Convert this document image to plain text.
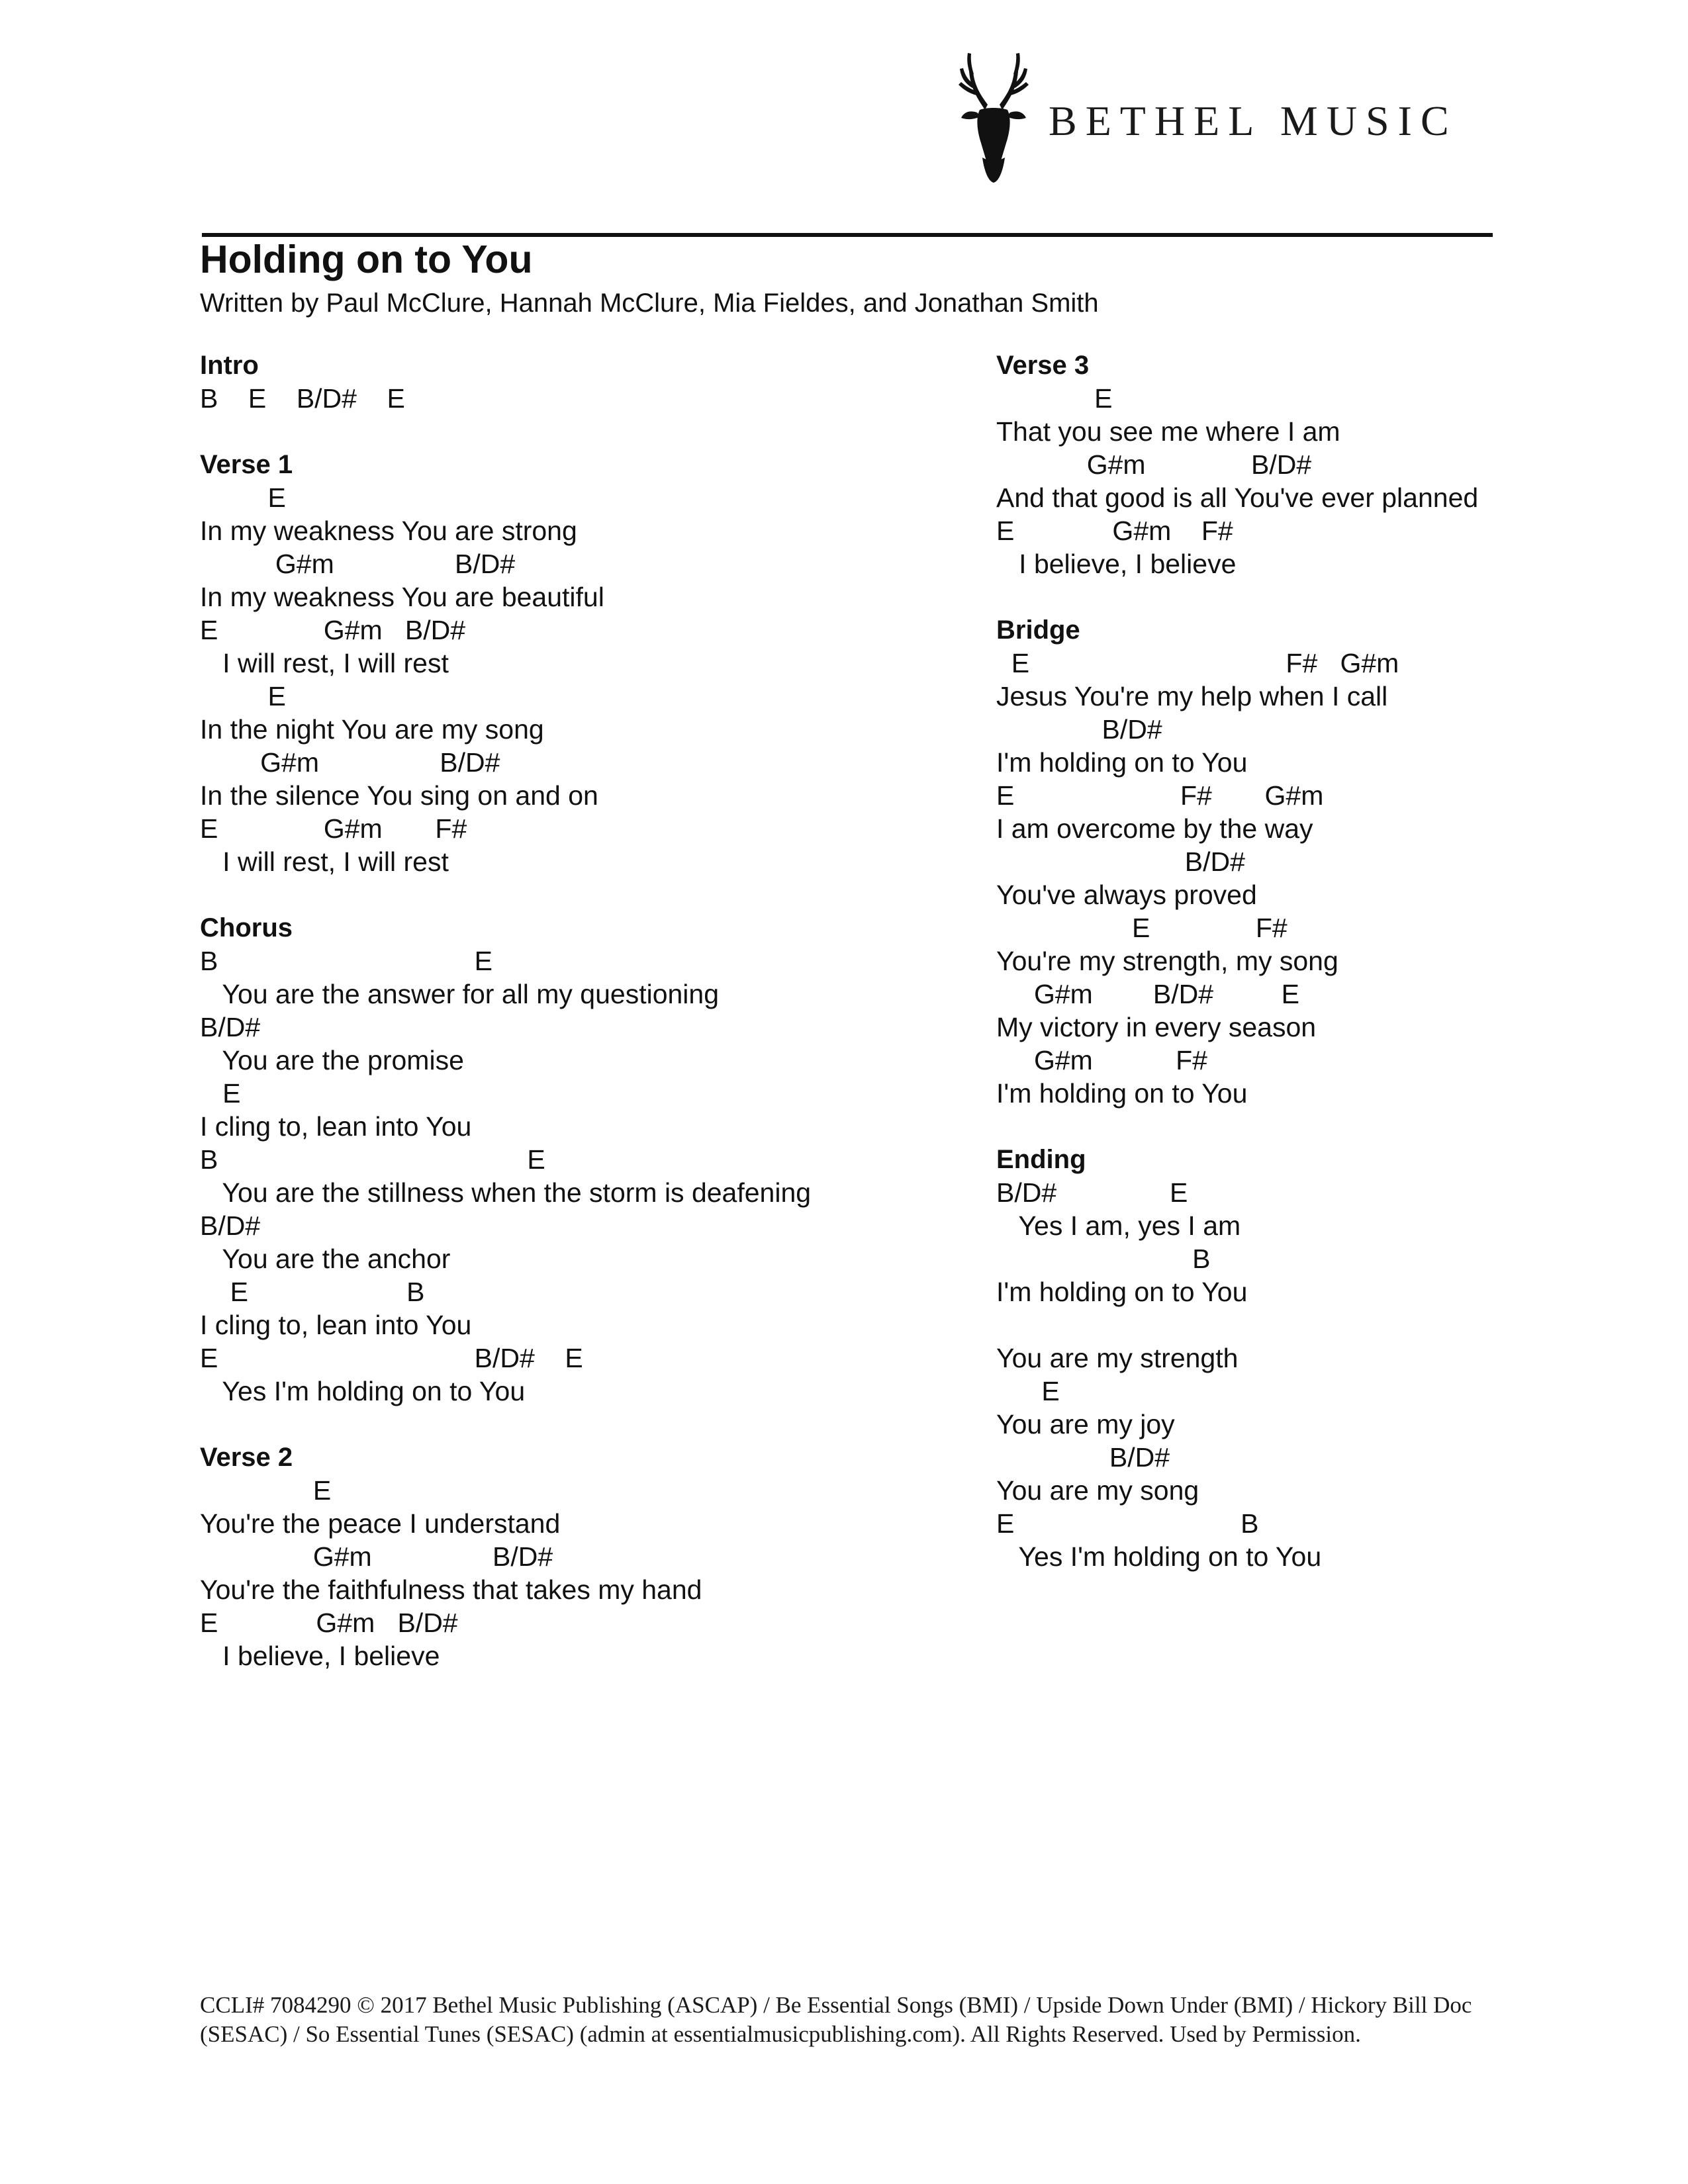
BETHEL MUSIC
Holding on to You

Written by Paul McClure, Hannah McClure, Mia Fieldes, and Jonathan Smith

Intro
B    E    B/D#    E
Verse 1
E
In my weakness You are strong
G#m                B/D#
In my weakness You are beautiful
E              G#m   B/D#
I will rest, I will rest
E
In the night You are my song
G#m                B/D#
In the silence You sing on and on
E              G#m       F#
I will rest, I will rest
Chorus
B                                  E
You are the answer for all my questioning
B/D#
You are the promise
E
I cling to, lean into You
B                                         E
You are the stillness when the storm is deafening
B/D#
You are the anchor
E                     B
I cling to, lean into You
E                                  B/D#    E
Yes I'm holding on to You
Verse 2
E
You're the peace I understand
G#m                B/D#
You're the faithfulness that takes my hand
E             G#m   B/D#
I believe, I believe
Verse 3
E
That you see me where I am
G#m              B/D#
And that good is all You've ever planned
E             G#m    F#
I believe, I believe
Bridge
E                                  F#   G#m
Jesus You're my help when I call
B/D#
I'm holding on to You
E                      F#       G#m
I am overcome by the way
B/D#
You've always proved
E              F#
You're my strength, my song
G#m        B/D#         E
My victory in every season
G#m           F#
I'm holding on to You
Ending
B/D#               E
Yes I am, yes I am
B
I'm holding on to You
You are my strength
E
You are my joy
B/D#
You are my song
E                              B
Yes I'm holding on to You
CCLI# 7084290 © 2017 Bethel Music Publishing (ASCAP) / Be Essential Songs (BMI) / Upside Down Under (BMI) / Hickory Bill Doc (SESAC) / So Essential Tunes (SESAC) (admin at essentialmusicpublishing.com). All Rights Reserved. Used by Permission.
